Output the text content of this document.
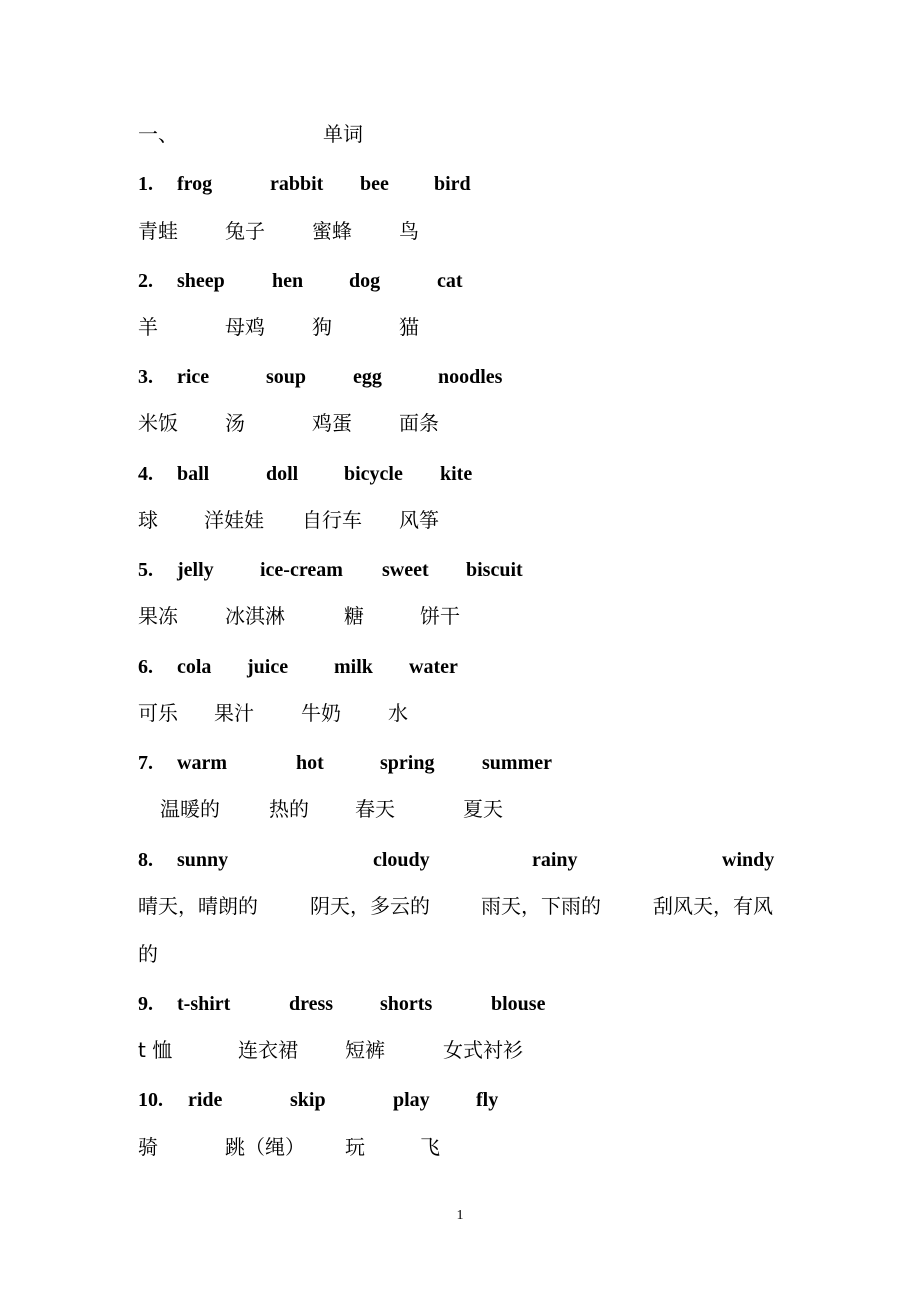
一、	单词
1. frog	rabbit bee bird
青蛙 兔子 蜜蜂 鸟
2. sheep hen dog	cat
羊	母鸡 狗	猫
3. rice	soup egg	noodles
米饭 汤	鸡蛋 面条
4. ball	doll bicycle kite
球 洋娃娃 自行车 风筝
5. jelly ice-cream sweet biscuit
果冻 冰淇淋	糖	饼干
6. cola juice milk water
可乐 果汁 牛奶 水
7. warm	hot	spring summer
温暖的 热的 春天	夏天
8. sunny	cloudy	rainy	windy
晴天，晴朗的	阴天，多云的	雨天，下雨的	刮风天，有风
的
9. t-shirt	dress shorts	blouse
t 恤	连衣裙 短裤	女式衬衫
10. ride	skip	play fly
骑	跳（绳） 玩	飞
1
